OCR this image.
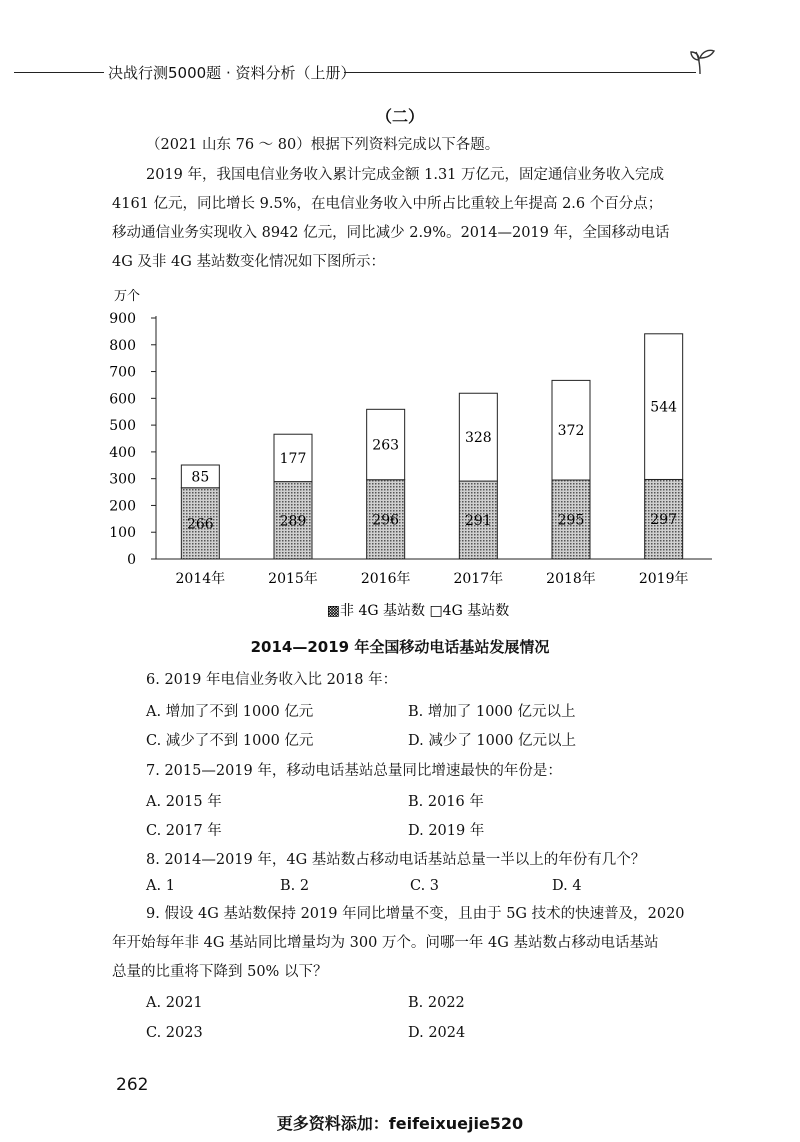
决战行测5000题 · 资料分析（上册）
（二）

（2021 山东 76 ～ 80）根据下列资料完成以下各题。

2019 年，我国电信业务收入累计完成金额 1.31 万亿元，固定通信业务收入完成
4161 亿元，同比增长 9.5%，在电信业务收入中所占比重较上年提高 2.6 个百分点；
移动通信业务实现收入 8942 亿元，同比减少 2.9%。2014—2019 年，全国移动电话
4G 及非 4G 基站数变化情况如下图所示：

万个
0
100
200
300
400
500
600
700
800
900
266
85
2014年
289
177
2015年
296
263
2016年
291
328
2017年
295
372
2018年
297
544
2019年
▩非 4G 基站数 □4G 基站数
2014—2019 年全国移动电话基站发展情况
6. 2019 年电信业务收入比 2018 年：
A. 增加了不到 1000 亿元	B. 增加了 1000 亿元以上
C. 减少了不到 1000 亿元	D. 减少了 1000 亿元以上
7. 2015—2019 年，移动电话基站总量同比增速最快的年份是：
A. 2015 年	B. 2016 年
C. 2017 年	D. 2019 年
8. 2014—2019 年，4G 基站数占移动电话基站总量一半以上的年份有几个？
A. 1	B. 2	C. 3	D. 4
9. 假设 4G 基站数保持 2019 年同比增量不变，且由于 5G 技术的快速普及，2020
年开始每年非 4G 基站同比增量均为 300 万个。问哪一年 4G 基站数占移动电话基站
总量的比重将下降到 50% 以下？
A. 2021	B. 2022
C. 2023	D. 2024
262
更多资料添加：feifeixuejie520
